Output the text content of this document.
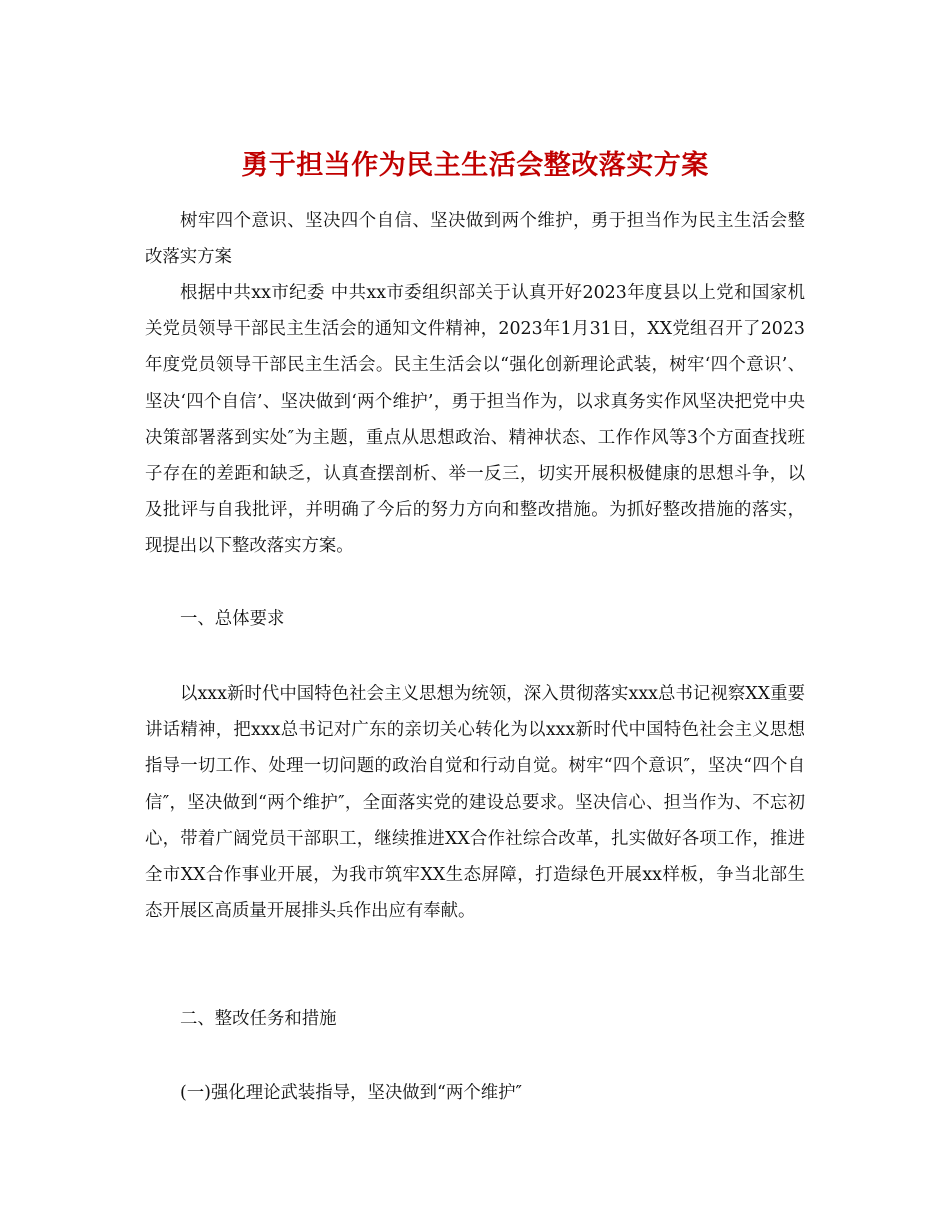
勇于担当作为民主生活会整改落实方案

树牢四个意识、坚决四个自信、坚决做到两个维护，勇于担当作为民主生活会整改落实方案

根据中共xx市纪委 中共xx市委组织部关于认真开好2023年度县以上党和国家机关党员领导干部民主生活会的通知文件精神，2023年1月31日，XX党组召开了2023年度党员领导干部民主生活会。民主生活会以“强化创新理论武装，树牢‘四个意识’、坚决‘四个自信’、坚决做到‘两个维护’，勇于担当作为，以求真务实作风坚决把党中央决策部署落到实处″为主题，重点从思想政治、精神状态、工作作风等3个方面查找班子存在的差距和缺乏，认真查摆剖析、举一反三，切实开展积极健康的思想斗争，以及批评与自我批评，并明确了今后的努力方向和整改措施。为抓好整改措施的落实，现提出以下整改落实方案。

一、总体要求

以xxx新时代中国特色社会主义思想为统领，深入贯彻落实xxx总书记视察XX重要讲话精神，把xxx总书记对广东的亲切关心转化为以xxx新时代中国特色社会主义思想指导一切工作、处理一切问题的政治自觉和行动自觉。树牢“四个意识″，坚决“四个自信″，坚决做到“两个维护″，全面落实党的建设总要求。坚决信心、担当作为、不忘初心，带着广阔党员干部职工，继续推进XX合作社综合改革，扎实做好各项工作，推进全市XX合作事业开展，为我市筑牢XX生态屏障，打造绿色开展xx样板，争当北部生态开展区高质量开展排头兵作出应有奉献。

二、整改任务和措施

(一)强化理论武装指导，坚决做到“两个维护″
